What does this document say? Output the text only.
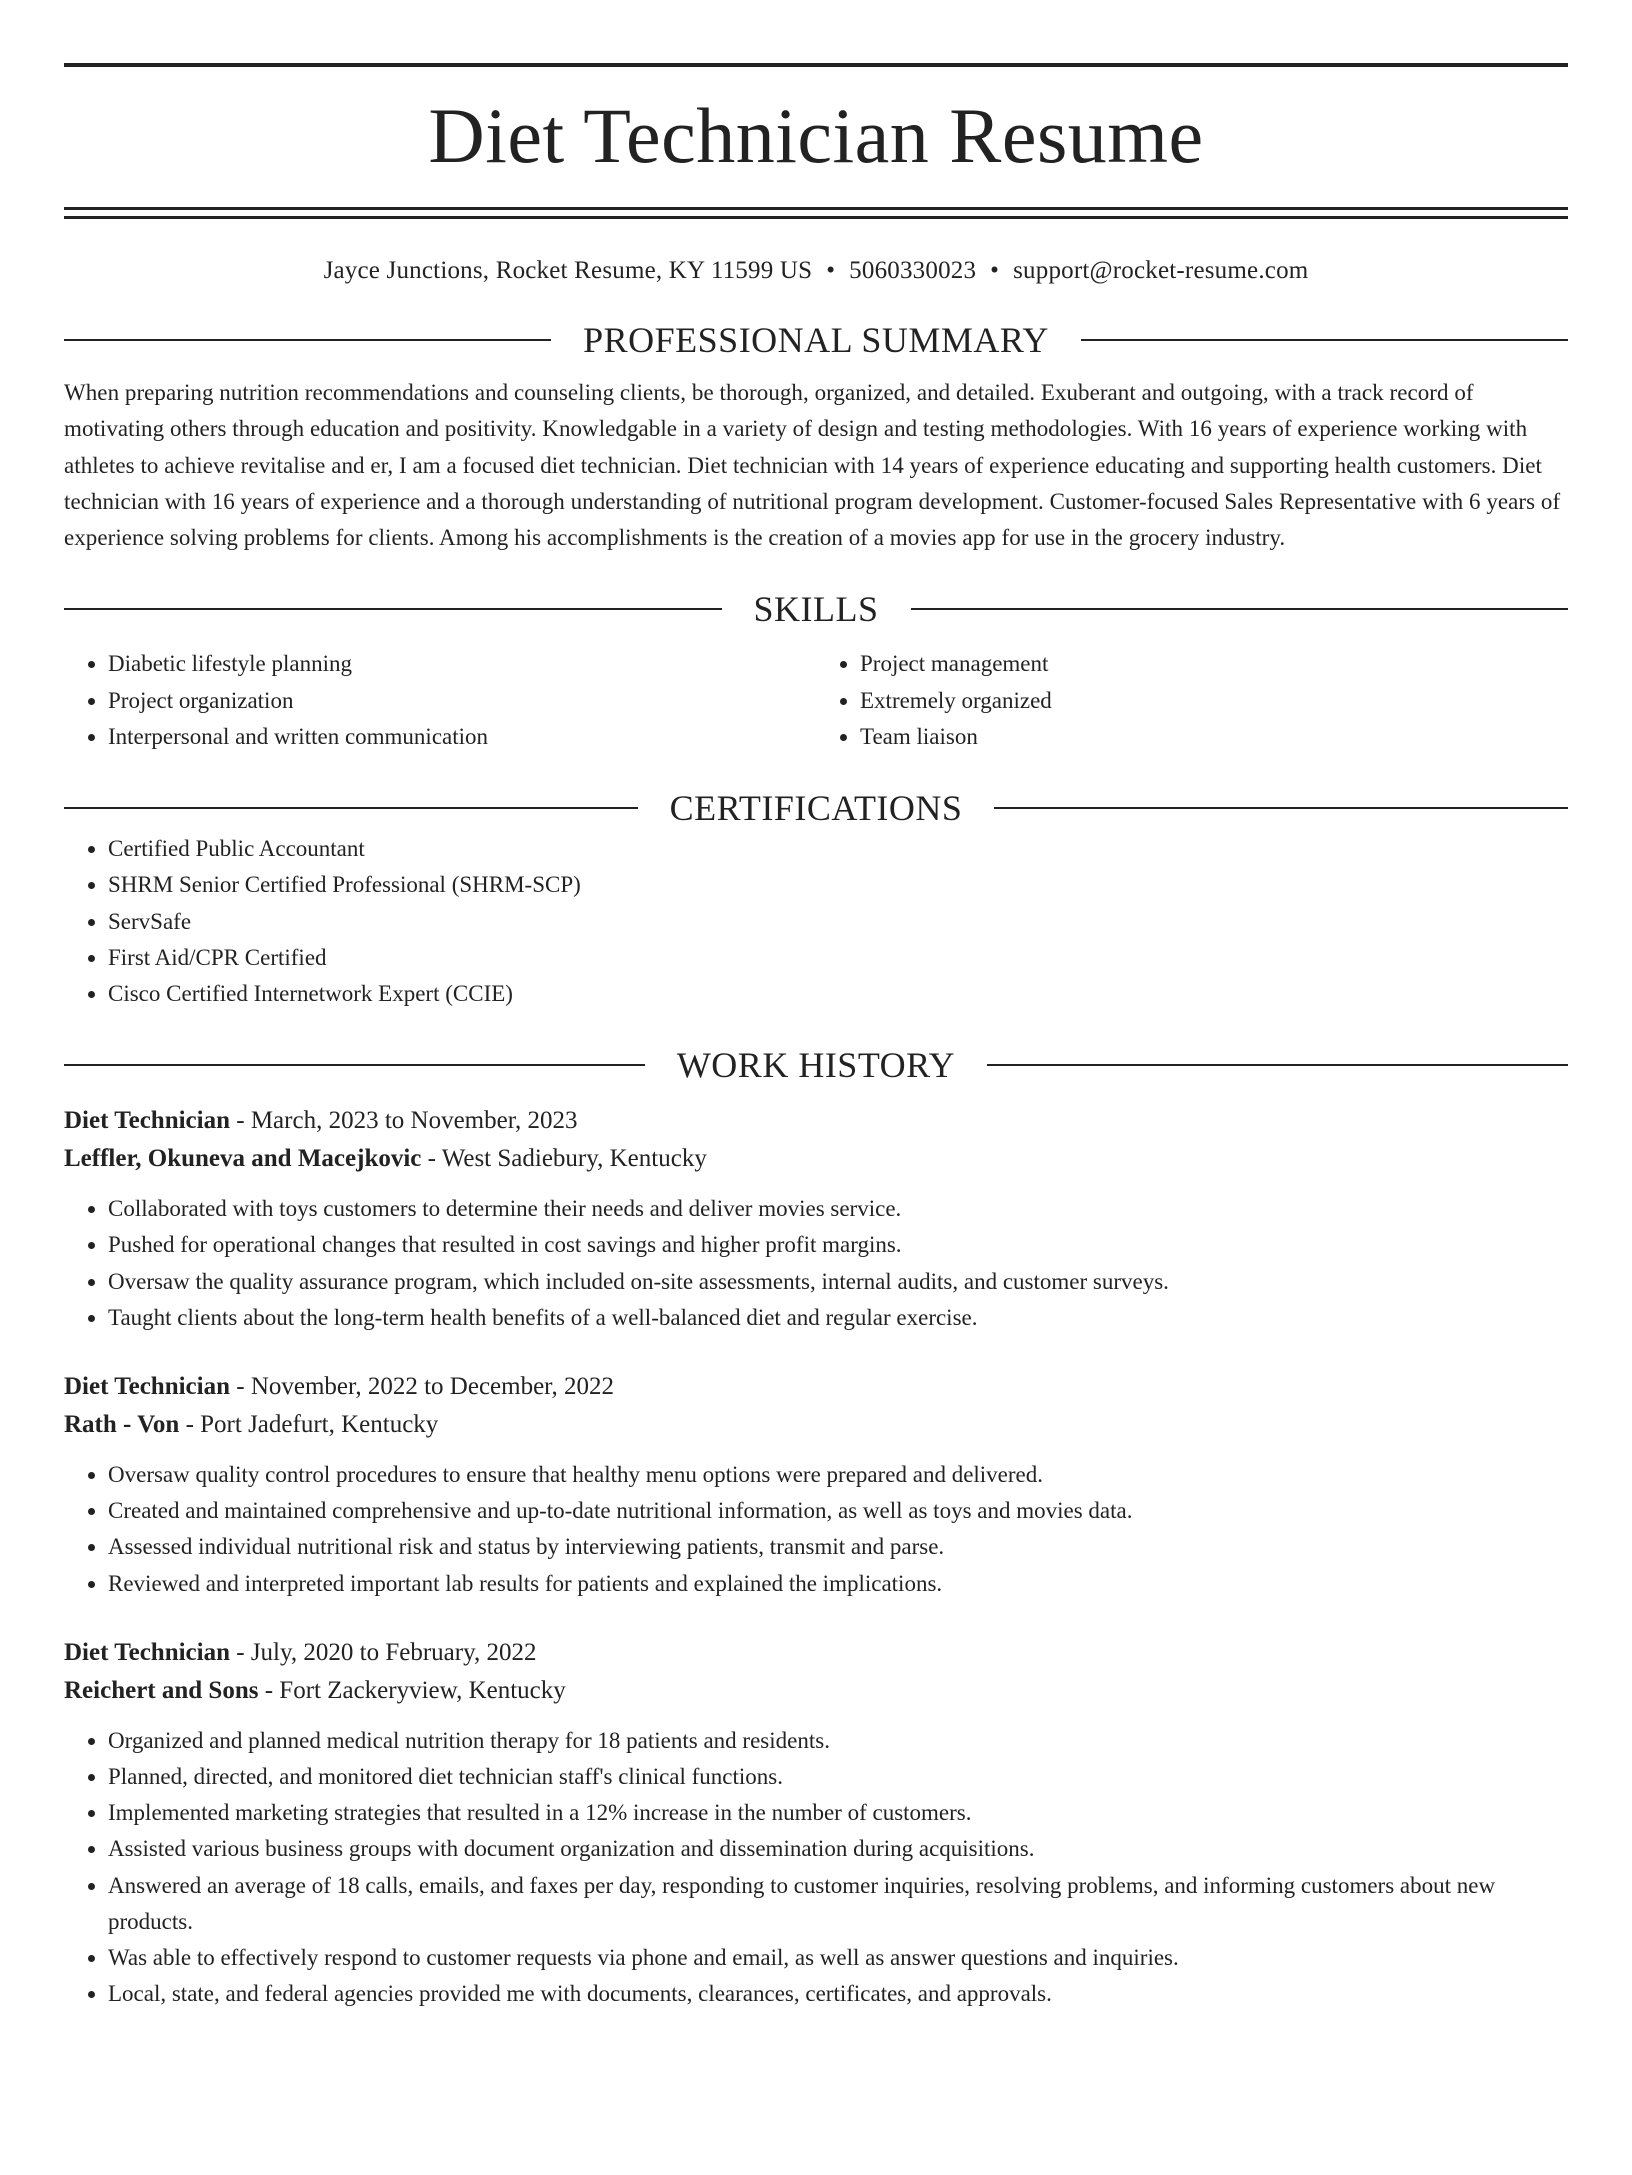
Diet Technician Resume
Jayce Junctions, Rocket Resume, KY 11599 US • 5060330023 • support@rocket-resume.com
PROFESSIONAL SUMMARY

When preparing nutrition recommendations and counseling clients, be thorough, organized, and detailed. Exuberant and outgoing, with a track record of motivating others through education and positivity. Knowledgable in a variety of design and testing methodologies. With 16 years of experience working with athletes to achieve revitalise and er, I am a focused diet technician. Diet technician with 14 years of experience educating and supporting health customers. Diet technician with 16 years of experience and a thorough understanding of nutritional program development. Customer-focused Sales Representative with 6 years of experience solving problems for clients. Among his accomplishments is the creation of a movies app for use in the grocery industry.

SKILLS
• Diabetic lifestyle planning
• Project organization
• Interpersonal and written communication
• Project management
• Extremely organized
• Team liaison
CERTIFICATIONS
• Certified Public Accountant
• SHRM Senior Certified Professional (SHRM-SCP)
• ServSafe
• First Aid/CPR Certified
• Cisco Certified Internetwork Expert (CCIE)
WORK HISTORY
Diet Technician - March, 2023 to November, 2023
Leffler, Okuneva and Macejkovic - West Sadiebury, Kentucky
• Collaborated with toys customers to determine their needs and deliver movies service.
• Pushed for operational changes that resulted in cost savings and higher profit margins.
• Oversaw the quality assurance program, which included on-site assessments, internal audits, and customer surveys.
• Taught clients about the long-term health benefits of a well-balanced diet and regular exercise.
Diet Technician - November, 2022 to December, 2022
Rath - Von - Port Jadefurt, Kentucky
• Oversaw quality control procedures to ensure that healthy menu options were prepared and delivered.
• Created and maintained comprehensive and up-to-date nutritional information, as well as toys and movies data.
• Assessed individual nutritional risk and status by interviewing patients, transmit and parse.
• Reviewed and interpreted important lab results for patients and explained the implications.
Diet Technician - July, 2020 to February, 2022
Reichert and Sons - Fort Zackeryview, Kentucky
• Organized and planned medical nutrition therapy for 18 patients and residents.
• Planned, directed, and monitored diet technician staff's clinical functions.
• Implemented marketing strategies that resulted in a 12% increase in the number of customers.
• Assisted various business groups with document organization and dissemination during acquisitions.
• Answered an average of 18 calls, emails, and faxes per day, responding to customer inquiries, resolving problems, and informing customers about new products.
• Was able to effectively respond to customer requests via phone and email, as well as answer questions and inquiries.
• Local, state, and federal agencies provided me with documents, clearances, certificates, and approvals.
